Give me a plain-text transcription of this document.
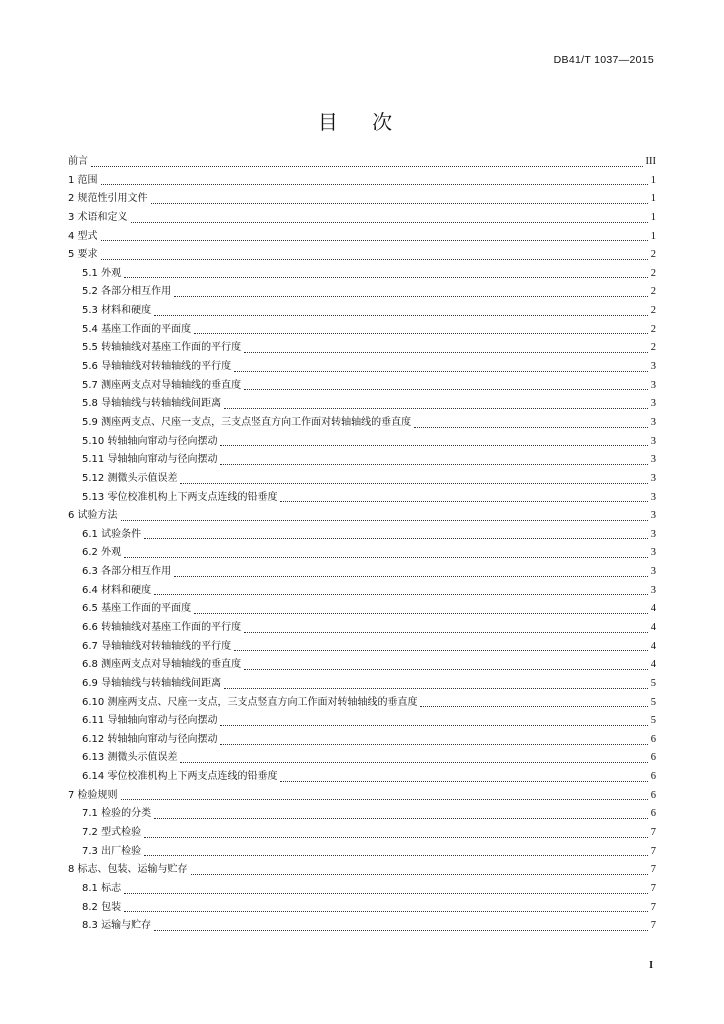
DB41/T 1037—2015
目 次
前言	III
1 范围	1
2 规范性引用文件	1
3 术语和定义	1
4 型式	1
5 要求	2
5.1 外观	2
5.2 各部分相互作用	2
5.3 材料和硬度	2
5.4 基座工作面的平面度	2
5.5 转轴轴线对基座工作面的平行度	2
5.6 导轴轴线对转轴轴线的平行度	3
5.7 测座两支点对导轴轴线的垂直度	3
5.8 导轴轴线与转轴轴线间距离	3
5.9 测座两支点、尺座一支点，三支点竖直方向工作面对转轴轴线的垂直度	3
5.10 转轴轴向窜动与径向摆动	3
5.11 导轴轴向窜动与径向摆动	3
5.12 测微头示值误差	3
5.13 零位校准机构上下两支点连线的铅垂度	3
6 试验方法	3
6.1 试验条件	3
6.2 外观	3
6.3 各部分相互作用	3
6.4 材料和硬度	3
6.5 基座工作面的平面度	4
6.6 转轴轴线对基座工作面的平行度	4
6.7 导轴轴线对转轴轴线的平行度	4
6.8 测座两支点对导轴轴线的垂直度	4
6.9 导轴轴线与转轴轴线间距离	5
6.10 测座两支点、尺座一支点，三支点竖直方向工作面对转轴轴线的垂直度	5
6.11 导轴轴向窜动与径向摆动	5
6.12 转轴轴向窜动与径向摆动	6
6.13 测微头示值误差	6
6.14 零位校准机构上下两支点连线的铅垂度	6
7 检验规则	6
7.1 检验的分类	6
7.2 型式检验	7
7.3 出厂检验	7
8 标志、包装、运输与贮存	7
8.1 标志	7
8.2 包装	7
8.3 运输与贮存	7
I
